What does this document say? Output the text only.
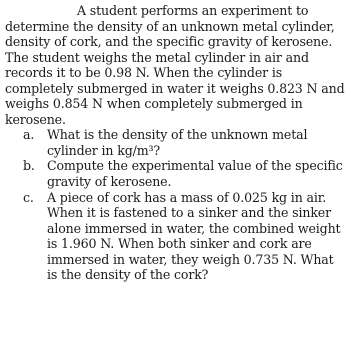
A student performs an experiment to determine the density of an unknown metal cylinder, density of cork, and the specific gravity of kerosene. The student weighs the metal cylinder in air and records it to be 0.98 N. When the cylinder is completely submerged in water it weighs 0.823 N and weighs 0.854 N when completely submerged in kerosene.

a.	What is the density of the unknown metal cylinder in kg/m³?
b. Compute the experimental value of the specific gravity of kerosene.
c.	A piece of cork has a mass of 0.025 kg in air. When it is fastened to a sinker and the sinker alone immersed in water, the combined weight is 1.960 N. When both sinker and cork are immersed in water, they weigh 0.735 N. What is the density of the cork?
